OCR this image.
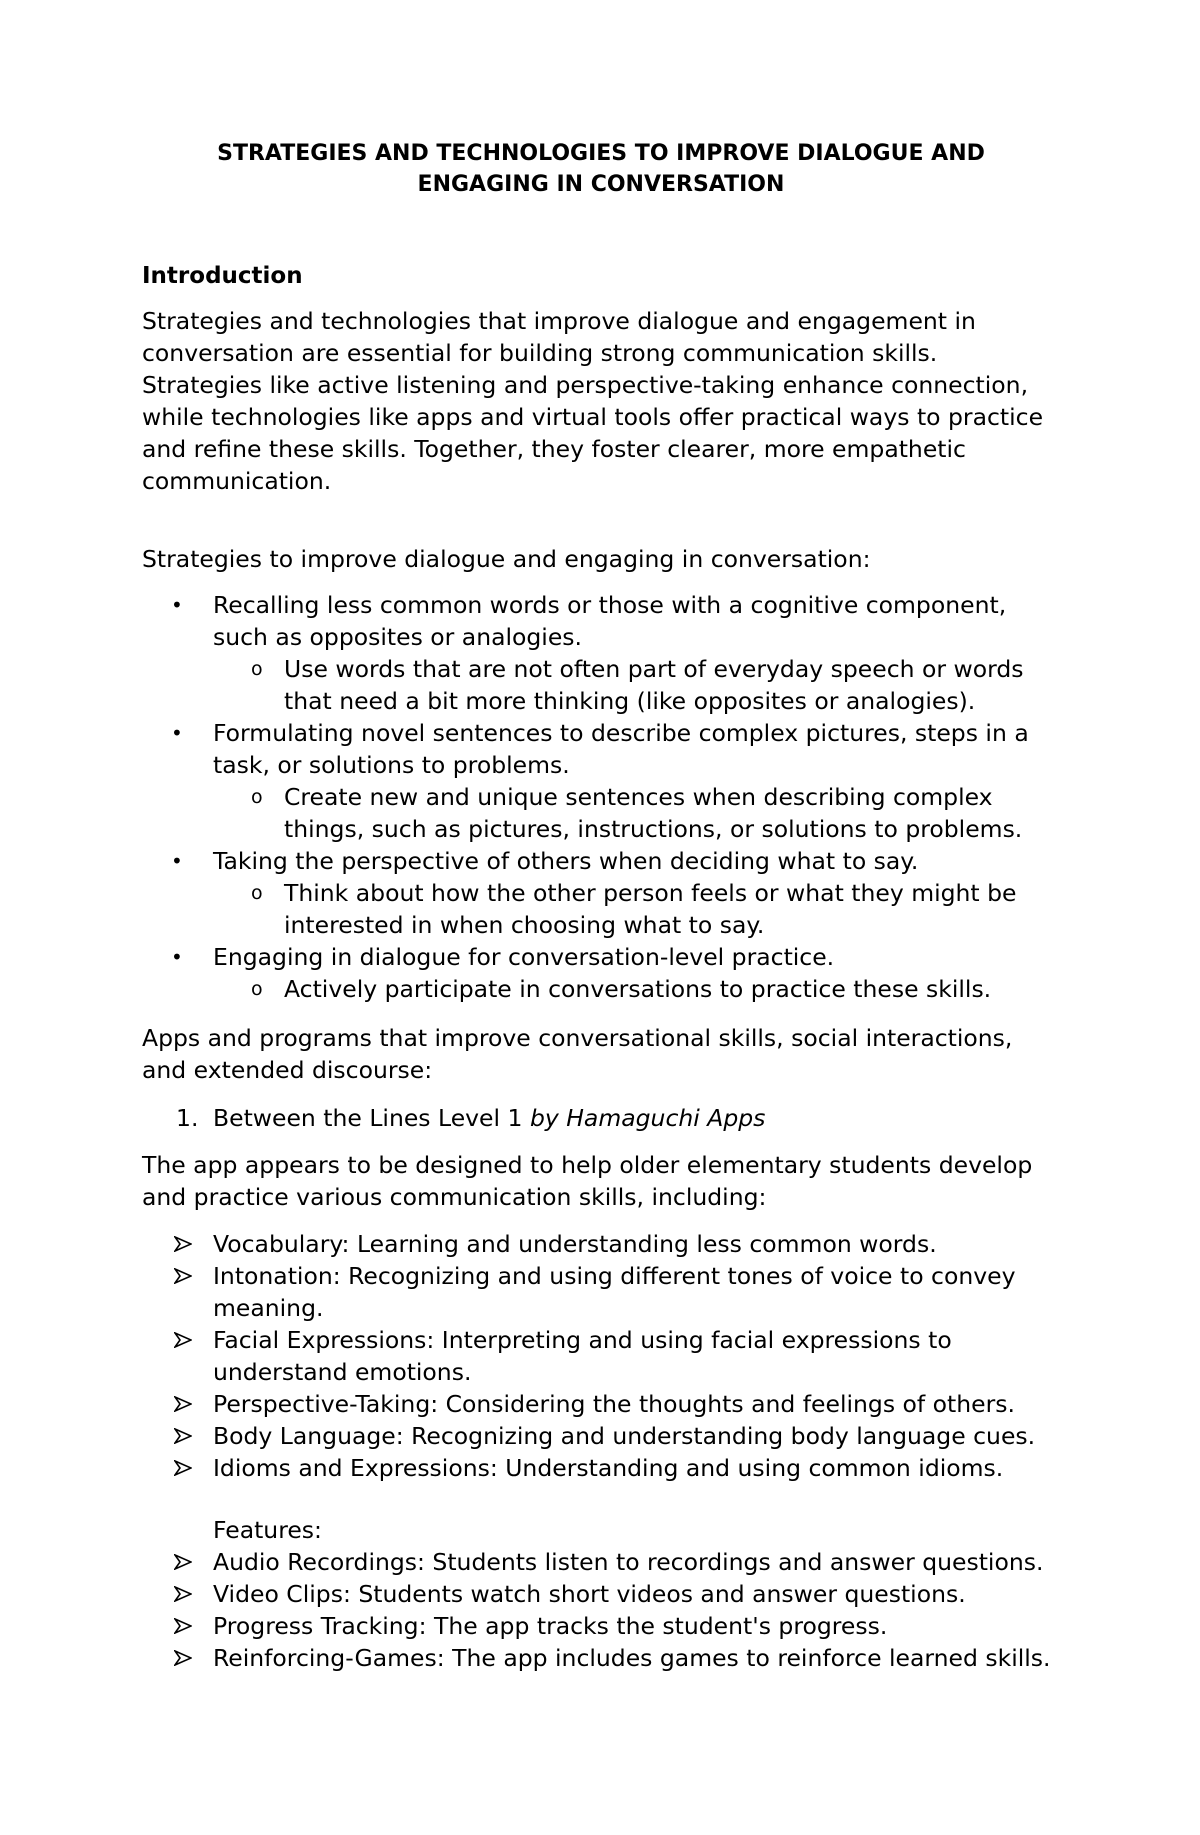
STRATEGIES AND TECHNOLOGIES TO IMPROVE DIALOGUE AND
ENGAGING IN CONVERSATION

Introduction

Strategies and technologies that improve dialogue and engagement in conversation are essential for building strong communication skills. Strategies like active listening and perspective-taking enhance connection, while technologies like apps and virtual tools offer practical ways to practice and refine these skills. Together, they foster clearer, more empathetic communication.

Strategies to improve dialogue and engaging in conversation:

• Recalling less common words or those with a cognitive component, such as opposites or analogies.
o Use words that are not often part of everyday speech or words that need a bit more thinking (like opposites or analogies).
• Formulating novel sentences to describe complex pictures, steps in a task, or solutions to problems.
o Create new and unique sentences when describing complex things, such as pictures, instructions, or solutions to problems.
• Taking the perspective of others when deciding what to say.
o Think about how the other person feels or what they might be interested in when choosing what to say.
• Engaging in dialogue for conversation-level practice.
o Actively participate in conversations to practice these skills.

Apps and programs that improve conversational skills, social interactions, and extended discourse:

1. Between the Lines Level 1 by Hamaguchi Apps

The app appears to be designed to help older elementary students develop and practice various communication skills, including:

Vocabulary: Learning and understanding less common words.
Intonation: Recognizing and using different tones of voice to convey meaning.
Facial Expressions: Interpreting and using facial expressions to understand emotions.
Perspective-Taking: Considering the thoughts and feelings of others.
Body Language: Recognizing and understanding body language cues.
Idioms and Expressions: Understanding and using common idioms.

Features:

Audio Recordings: Students listen to recordings and answer questions.
Video Clips: Students watch short videos and answer questions.
Progress Tracking: The app tracks the student's progress.
Reinforcing-Games: The app includes games to reinforce learned skills.
